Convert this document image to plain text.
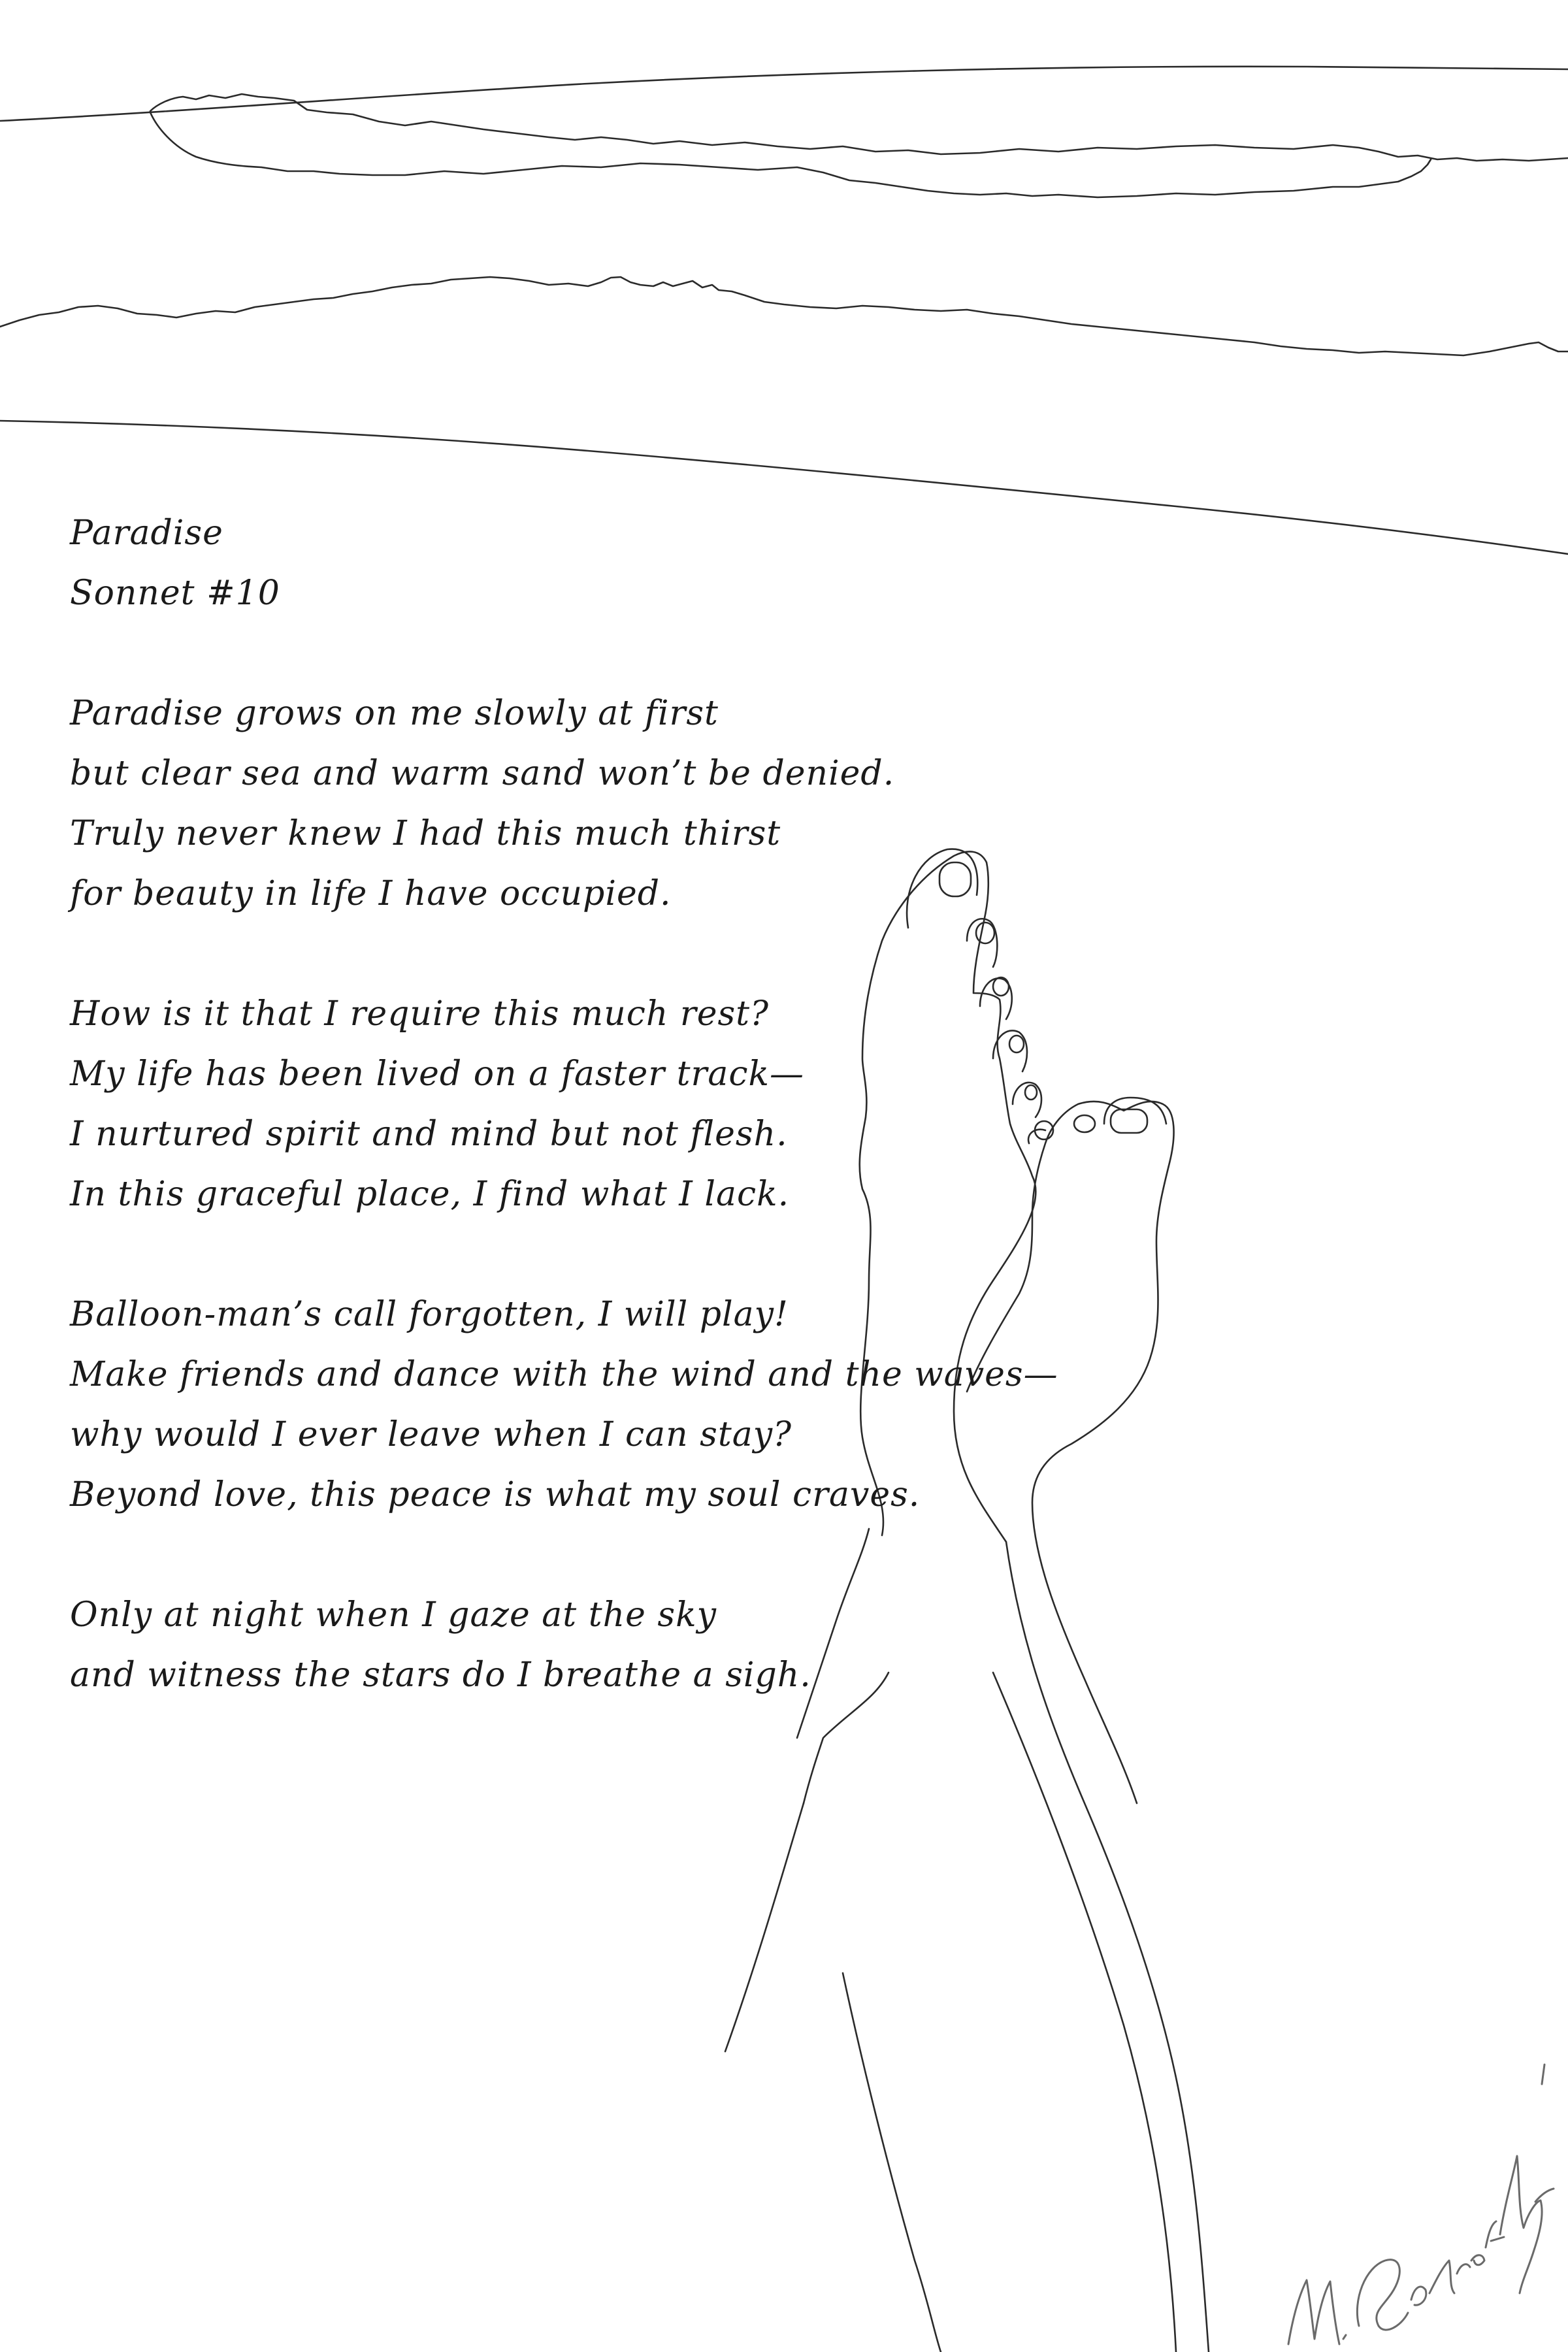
Paradise
Sonnet #10
Paradise grows on me slowly at first
but clear sea and warm sand won’t be denied.
Truly never knew I had this much thirst
for beauty in life I have occupied.
How is it that I require this much rest?
My life has been lived on a faster track—
I nurtured spirit and mind but not flesh.
In this graceful place, I find what I lack.
Balloon-man’s call forgotten, I will play!
Make friends and dance with the wind and the waves—
why would I ever leave when I can stay?
Beyond love, this peace is what my soul craves.
Only at night when I gaze at the sky
and witness the stars do I breathe a sigh.
